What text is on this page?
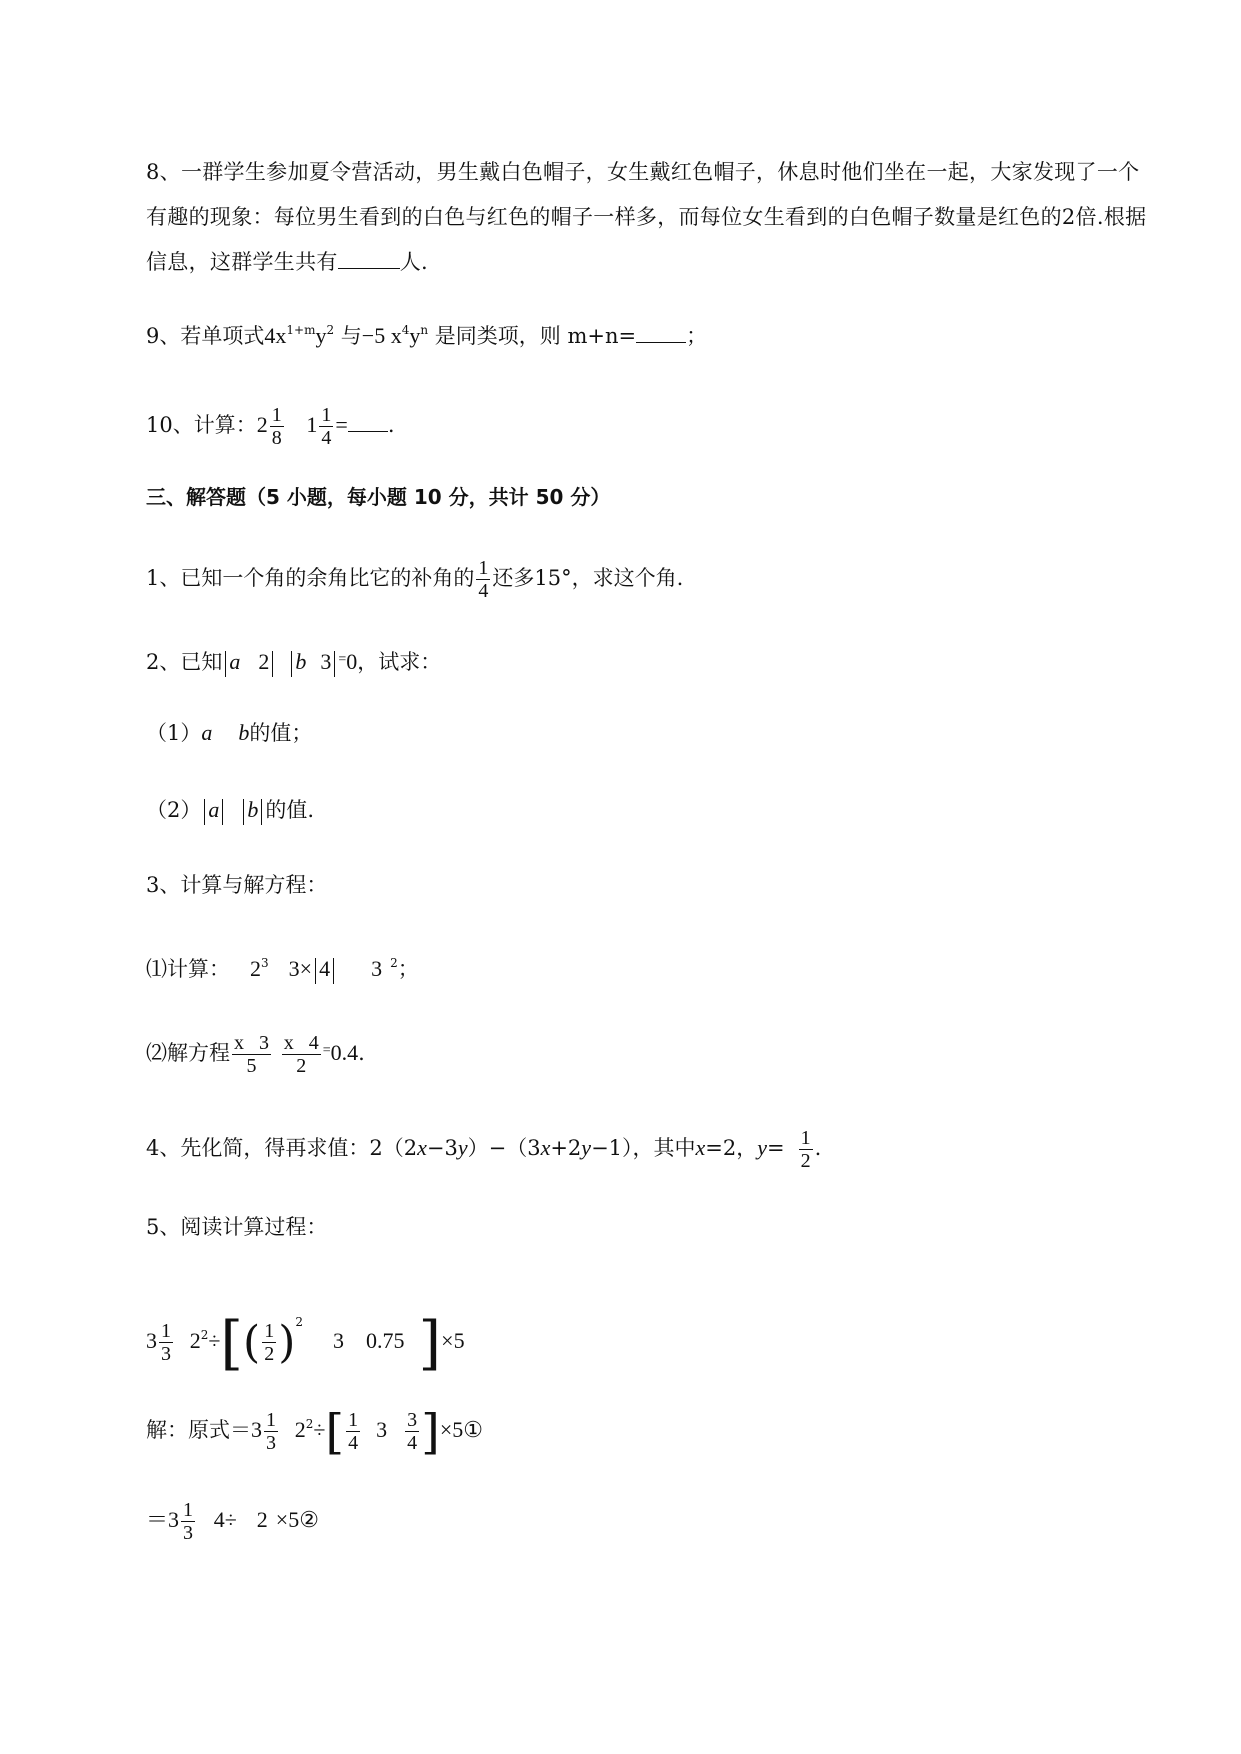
8、一群学生参加夏令营活动，男生戴白色帽子，女生戴红色帽子，休息时他们坐在一起，大家发现了一个有趣的现象：每位男生看到的白色与红色的帽子一样多，而每位女生看到的白色帽子数量是红色的2倍.根据信息，这群学生共有	人.
9、若单项式$4x^{1+m}y^2$ 与−5 $x^4y^n$ 是同类项，则 m+n= ；
10、计算：$2 \frac{1}{8} 1 \frac{1}{4}$ = .
三、解答题（5 小题，每小题 10 分，共计 50 分）
1、已知一个角的余角比它的补角的 $\frac{1}{4}$ 还多15°，求这个角.
2、已知 a 2 b 3 =0，试求：
（1）a b的值；
（2） a b 的值.
3、计算与解方程：
⑴计算： $2^3$ 3× 4 3 $^2$；
⑵解方程 $\frac{x 3}{5}$
$\frac{x 4}{2} ^=0.4$.
4、先化简，得再求值：2（2x−3y）−（3x+2y−1），其中x=2，$y= \frac{1}{2}$ .
5、阅读计算过程：
$3 \frac{1}{3} 2^2\div[( \frac{1}{2} )^23$ 0.75 ]×5
解：原式$=3 \frac{1}{3} 2^2\div[ \frac{1}{4} 3 \frac{3}{4}$ ]×5①
$=3 \frac{1}{3} 4\div 2$ ×5②
